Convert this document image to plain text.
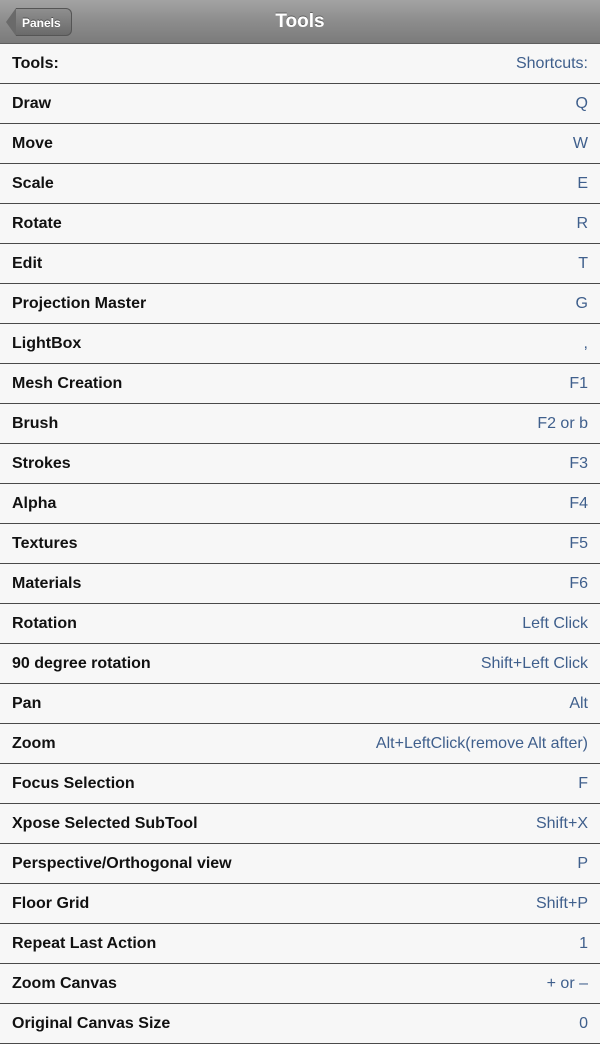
Panels	Tools
Tools:	Shortcuts:
Draw	Q
Move	W
Scale	E
Rotate	R
Edit	T
Projection Master	G
LightBox	,
Mesh Creation	F1
Brush	F2 or b
Strokes	F3
Alpha	F4
Textures	F5
Materials	F6
Rotation	Left Click
90 degree rotation	Shift+Left Click
Pan	Alt
Zoom	Alt+LeftClick(remove Alt after)
Focus Selection	F
Xpose Selected SubTool	Shift+X
Perspective/Orthogonal view	P
Floor Grid	Shift+P
Repeat Last Action	1
Zoom Canvas	+ or –
Original Canvas Size	0
